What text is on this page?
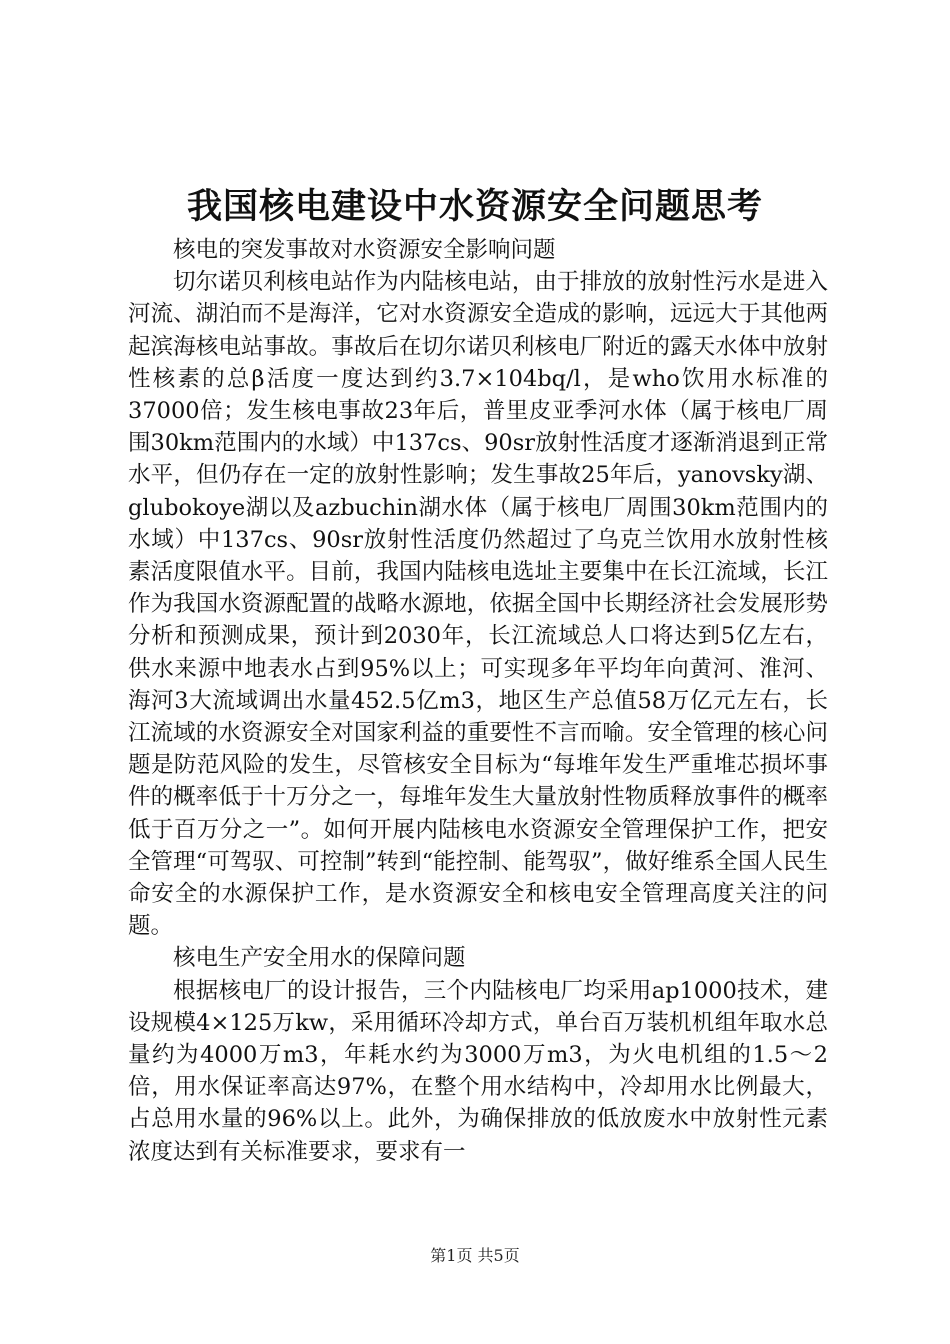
我国核电建设中水资源安全问题思考

核电的突发事故对水资源安全影响问题

切尔诺贝利核电站作为内陆核电站，由于排放的放射性污水是进入河流、湖泊而不是海洋，它对水资源安全造成的影响，远远大于其他两起滨海核电站事故。事故后在切尔诺贝利核电厂附近的露天水体中放射性核素的总β活度一度达到约3.7×104bq/l，是who饮用水标准的37000倍；发生核电事故23年后，普里皮亚季河水体（属于核电厂周围30km范围内的水域）中137cs、90sr放射性活度才逐渐消退到正常水平，但仍存在一定的放射性影响；发生事故25年后，yanovsky湖、glubokoye湖以及azbuchin湖水体（属于核电厂周围30km范围内的水域）中137cs、90sr放射性活度仍然超过了乌克兰饮用水放射性核素活度限值水平。目前，我国内陆核电选址主要集中在长江流域，长江作为我国水资源配置的战略水源地，依据全国中长期经济社会发展形势分析和预测成果，预计到2030年，长江流域总人口将达到5亿左右，供水来源中地表水占到95%以上；可实现多年平均年向黄河、淮河、海河3大流域调出水量452.5亿m3，地区生产总值58万亿元左右，长江流域的水资源安全对国家利益的重要性不言而喻。安全管理的核心问题是防范风险的发生，尽管核安全目标为“每堆年发生严重堆芯损坏事件的概率低于十万分之一，每堆年发生大量放射性物质释放事件的概率低于百万分之一”。如何开展内陆核电水资源安全管理保护工作，把安全管理“可驾驭、可控制”转到“能控制、能驾驭”，做好维系全国人民生命安全的水源保护工作，是水资源安全和核电安全管理高度关注的问题。

核电生产安全用水的保障问题

根据核电厂的设计报告，三个内陆核电厂均采用ap1000技术，建设规模4×125万kw，采用循环冷却方式，单台百万装机机组年取水总量约为4000万m3，年耗水约为3000万m3，为火电机组的1.5～2倍，用水保证率高达97%，在整个用水结构中，冷却用水比例最大，占总用水量的96%以上。此外，为确保排放的低放废水中放射性元素浓度达到有关标准要求，要求有一

第1页 共5页
